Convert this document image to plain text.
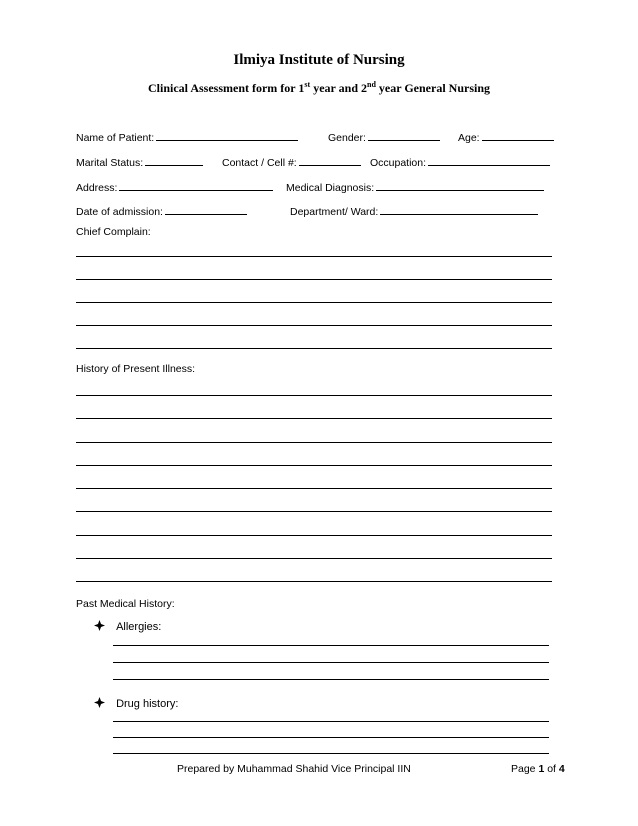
Ilmiya Institute of Nursing
Clinical Assessment form for 1st year and 2nd year General Nursing
Name of Patient:	Gender:	Age:
Marital Status:	Contact / Cell #:	Occupation:
Address:	Medical Diagnosis:
Date of admission:	Department/ Ward:
Chief Complain:
History of Present Illness:
Past Medical History:
Allergies:
Drug history:
Prepared by Muhammad Shahid Vice Principal IIN	Page 1 of 4
